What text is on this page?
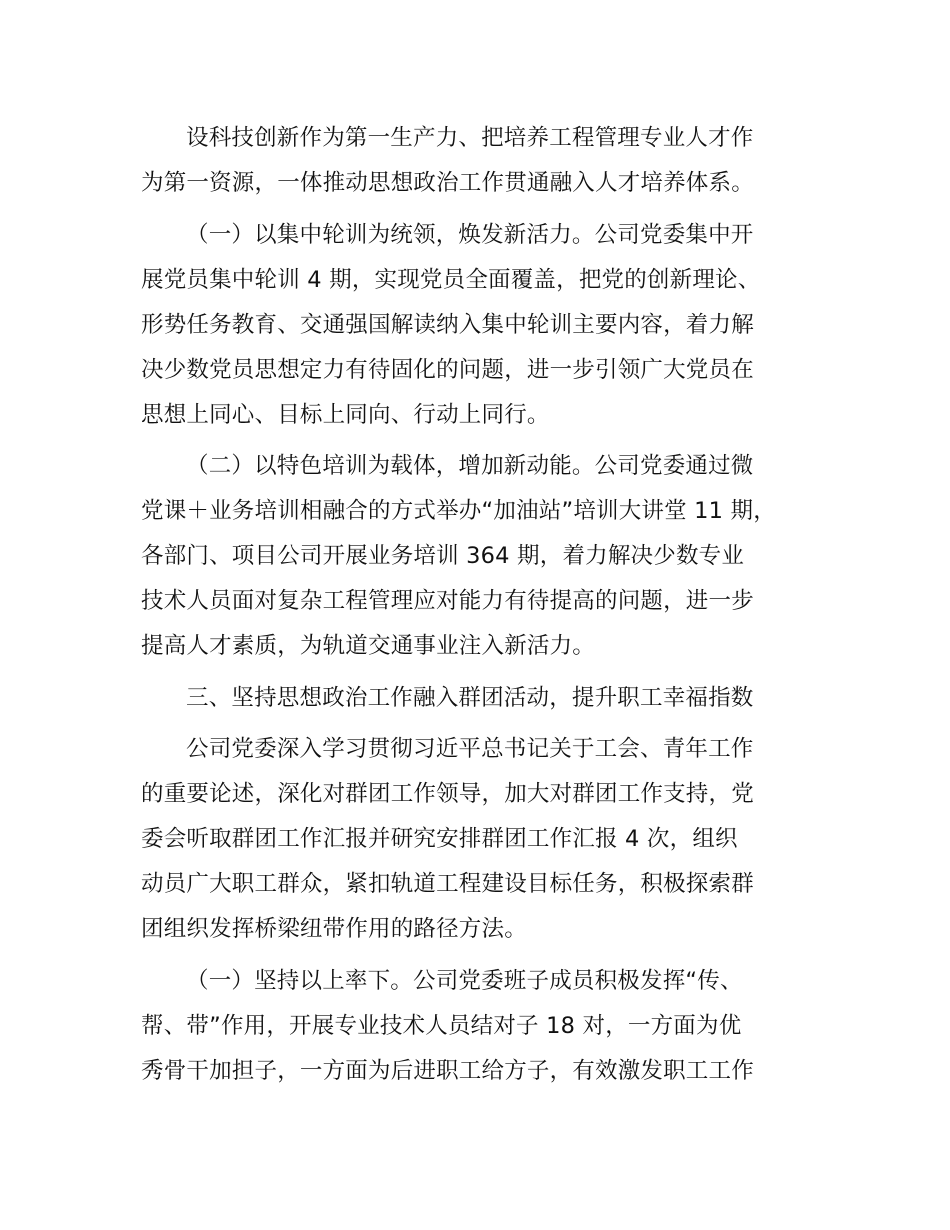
设科技创新作为第一生产力、把培养工程管理专业人才作
为第一资源，一体推动思想政治工作贯通融入人才培养体系。
（一）以集中轮训为统领，焕发新活力。公司党委集中开
展党员集中轮训 4 期，实现党员全面覆盖，把党的创新理论、
形势任务教育、交通强国解读纳入集中轮训主要内容，着力解
决少数党员思想定力有待固化的问题，进一步引领广大党员在
思想上同心、目标上同向、行动上同行。
（二）以特色培训为载体，增加新动能。公司党委通过微
党课＋业务培训相融合的方式举办“加油站”培训大讲堂 11 期，
各部门、项目公司开展业务培训 364 期，着力解决少数专业
技术人员面对复杂工程管理应对能力有待提高的问题，进一步
提高人才素质，为轨道交通事业注入新活力。
三、坚持思想政治工作融入群团活动，提升职工幸福指数
公司党委深入学习贯彻习近平总书记关于工会、青年工作
的重要论述，深化对群团工作领导，加大对群团工作支持，党
委会听取群团工作汇报并研究安排群团工作汇报 4 次，组织
动员广大职工群众，紧扣轨道工程建设目标任务，积极探索群
团组织发挥桥梁纽带作用的路径方法。
（一）坚持以上率下。公司党委班子成员积极发挥“传、
帮、带”作用，开展专业技术人员结对子 18 对，一方面为优
秀骨干加担子，一方面为后进职工给方子，有效激发职工工作
